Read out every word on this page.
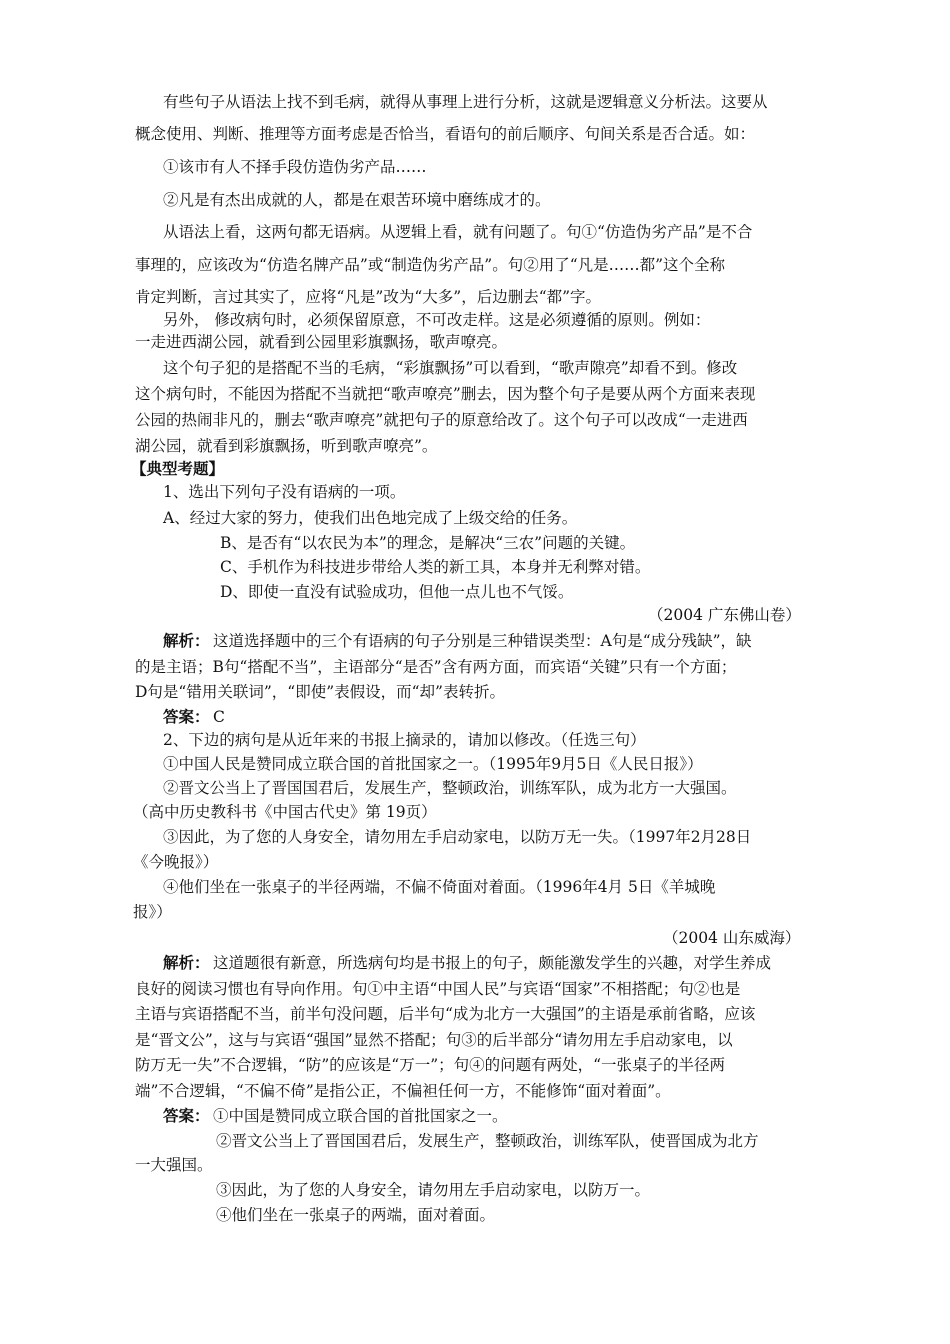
有些句子从语法上找不到毛病，就得从事理上进行分析，这就是逻辑意义分析法。这要从
概念使用、判断、推理等方面考虑是否恰当，看语句的前后顺序、句间关系是否合适。如：
①该市有人不择手段仿造伪劣产品……
②凡是有杰出成就的人，都是在艰苦环境中磨练成才的。
从语法上看，这两句都无语病。从逻辑上看，就有问题了。句①“仿造伪劣产品”是不合
事理的，应该改为“仿造名牌产品”或“制造伪劣产品”。句②用了“凡是……都”这个全称
肯定判断，言过其实了，应将“凡是”改为“大多”，后边删去“都”字。
另外， 修改病句时，必须保留原意，不可改走样。这是必须遵循的原则。例如：
一走进西湖公园，就看到公园里彩旗飘扬，歌声嘹亮。
这个句子犯的是搭配不当的毛病，“彩旗飘扬”可以看到，“歌声隙亮”却看不到。修改
这个病句时，不能因为搭配不当就把“歌声嘹亮”删去，因为整个句子是要从两个方面来表现
公园的热闹非凡的，删去“歌声嘹亮”就把句子的原意给改了。这个句子可以改成“一走进西
湖公园，就看到彩旗飘扬，听到歌声嘹亮”。
【典型考题】
1、选出下列句子没有语病的一项。
A、经过大家的努力，使我们出色地完成了上级交给的任务。
B、是否有“以农民为本”的理念，是解决“三农”问题的关键。
C、手机作为科技进步带给人类的新工具，本身并无利弊对错。
D、即使一直没有试验成功，但他一点儿也不气馁。
（2004 广东佛山卷）
解析： 这道选择题中的三个有语病的句子分别是三种错误类型：A句是“成分残缺”，缺
的是主语；B句“搭配不当”，主语部分“是否”含有两方面，而宾语“关键”只有一个方面；
D句是“错用关联词”，“即使”表假设，而“却”表转折。
答案： C
2、下边的病句是从近年来的书报上摘录的，请加以修改。（任选三句）
①中国人民是赞同成立联合国的首批国家之一。（1995年9月5日《人民日报》）
②晋文公当上了晋国国君后，发展生产，整顿政治，训练军队，成为北方一大强国。
（高中历史教科书《中国古代史》第 19页）
③因此，为了您的人身安全，请勿用左手启动家电，以防万无一失。（1997年2月28日
《今晚报》）
④他们坐在一张桌子的半径两端，不偏不倚面对着面。（1996年4月 5日《羊城晚
报》）
（2004 山东威海）
解析： 这道题很有新意，所选病句均是书报上的句子，颇能激发学生的兴趣，对学生养成
良好的阅读习惯也有导向作用。句①中主语“中国人民”与宾语“国家”不相搭配；句②也是
主语与宾语搭配不当，前半句没问题，后半句“成为北方一大强国”的主语是承前省略，应该
是“晋文公”，这与与宾语“强国”显然不搭配；句③的后半部分“请勿用左手启动家电，以
防万无一失”不合逻辑，“防”的应该是“万一”；句④的问题有两处，“一张桌子的半径两
端”不合逻辑，“不偏不倚”是指公正，不偏袒任何一方，不能修饰“面对着面”。
答案： ①中国是赞同成立联合国的首批国家之一。
②晋文公当上了晋国国君后，发展生产，整顿政治，训练军队，使晋国成为北方
一大强国。
③因此，为了您的人身安全，请勿用左手启动家电，以防万一。
④他们坐在一张桌子的两端，面对着面。
